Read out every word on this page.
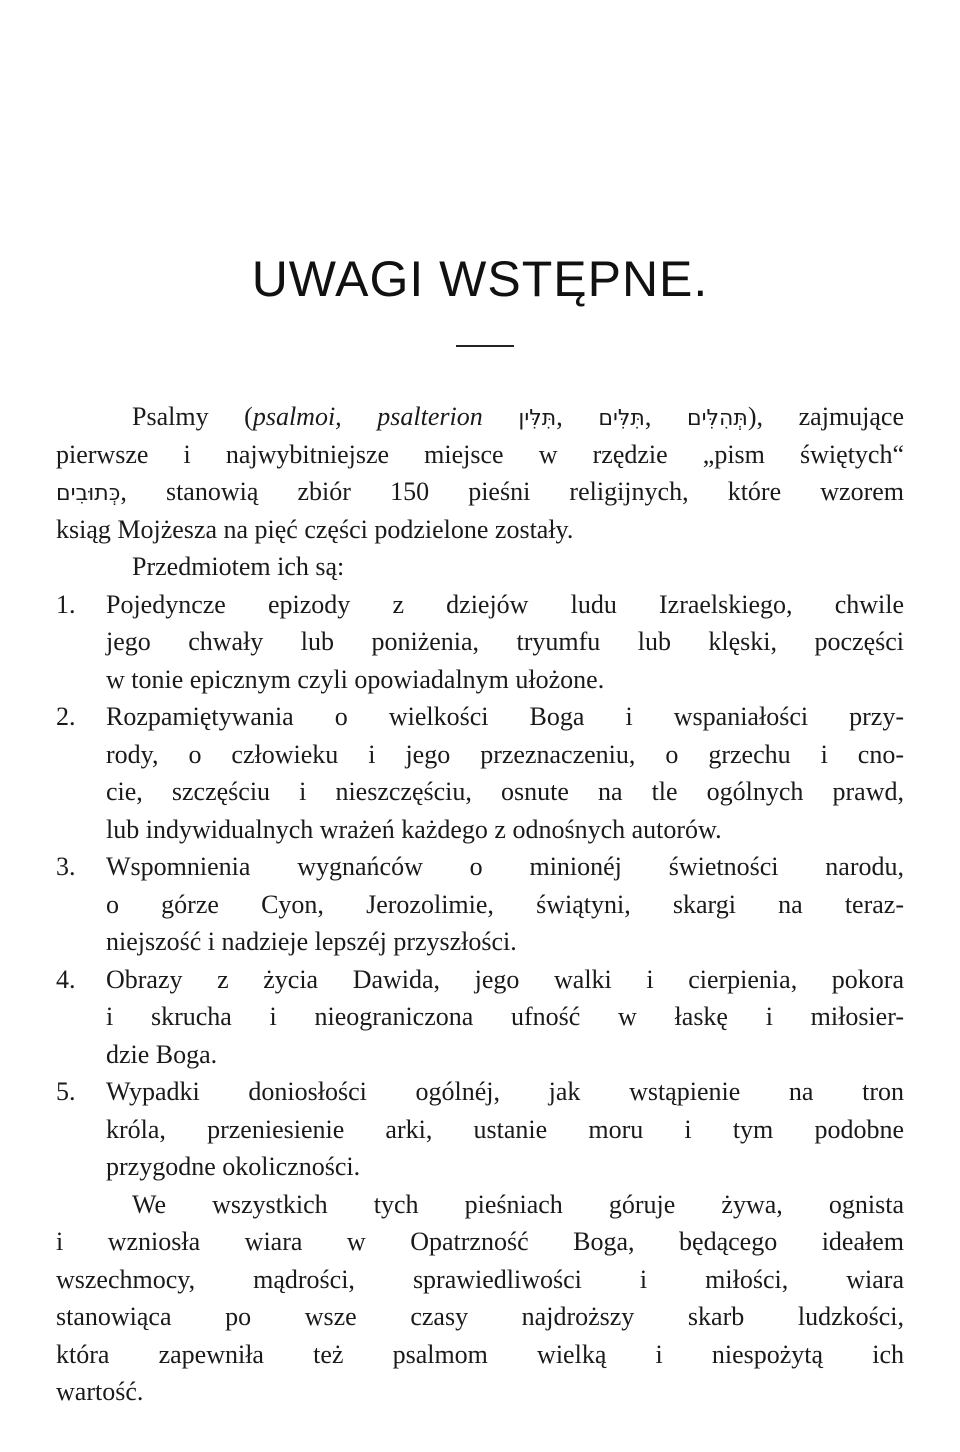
UWAGI WSTĘPNE.
Psalmy (psalmoi, psalterion תִּלִּין, תִּלִּים, תְּהִלִּים), zajmujące
pierwsze i najwybitniejsze miejsce w rzędzie „pism świętych“
כְּתוּבִים, stanowią zbiór 150 pieśni religijnych, które wzorem
ksiąg Mojżesza na pięć części podzielone zostały.
Przedmiotem ich są:
1. Pojedyncze epizody z dziejów ludu Izraelskiego, chwile
jego chwały lub poniżenia, tryumfu lub klęski, poczęści
w tonie epicznym czyli opowiadalnym ułożone.
2. Rozpamiętywania o wielkości Boga i wspaniałości przy-
rody, o człowieku i jego przeznaczeniu, o grzechu i cno-
cie, szczęściu i nieszczęściu, osnute na tle ogólnych prawd,
lub indywidualnych wrażeń każdego z odnośnych autorów.
3. Wspomnienia wygnańców o minionéj świetności narodu,
o górze Cyon, Jerozolimie, świątyni, skargi na teraz-
niejszość i nadzieje lepszéj przyszłości.
4. Obrazy z życia Dawida, jego walki i cierpienia, pokora
i skrucha i nieograniczona ufność w łaskę i miłosier-
dzie Boga.
5. Wypadki doniosłości ogólnéj, jak wstąpienie na tron
króla, przeniesienie arki, ustanie moru i tym podobne
przygodne okoliczności.
We wszystkich tych pieśniach góruje żywa, ognista
i wzniosła wiara w Opatrzność Boga, będącego ideałem
wszechmocy, mądrości, sprawiedliwości i miłości, wiara
stanowiąca po wsze czasy najdroższy skarb ludzkości,
która zapewniła też psalmom wielką i niespożytą ich
wartość.
